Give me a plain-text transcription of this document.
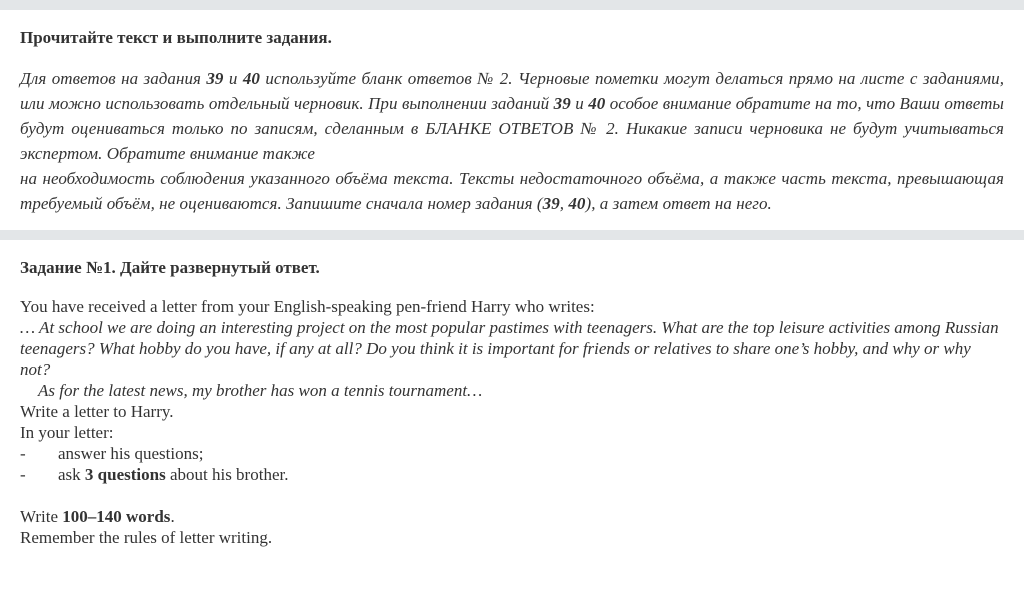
Прочитайте текст и выполните задания.

Для ответов на задания 39 и 40 используйте бланк ответов № 2. Черновые пометки могут делаться прямо на листе с заданиями, или можно использовать отдельный черновик. При выполнении заданий 39 и 40 особое внимание обратите на то, что Ваши ответы будут оцениваться только по записям, сделанным в БЛАНКЕ ОТВЕТОВ № 2. Никакие записи черновика не будут учитываться экспертом. Обратите внимание также
на необходимость соблюдения указанного объёма текста. Тексты недостаточного объёма, а также часть текста, превышающая требуемый объём, не оцениваются. Запишите сначала номер задания (39, 40), а затем ответ на него.

Задание №1. Дайте развернутый ответ.

You have received a letter from your English-speaking pen-friend Harry who writes:
… At school we are doing an interesting project on the most popular pastimes with teenagers. What are the top leisure activities among Russian teenagers? What hobby do you have, if any at all? Do you think it is important for friends or relatives to share one’s hobby, and why or why not?
As for the latest news, my brother has won a tennis tournament…
Write a letter to Harry.
In your letter:
-	answer his questions;
-	ask 3 questions about his brother.
Write 100–140 words.
Remember the rules of letter writing.
